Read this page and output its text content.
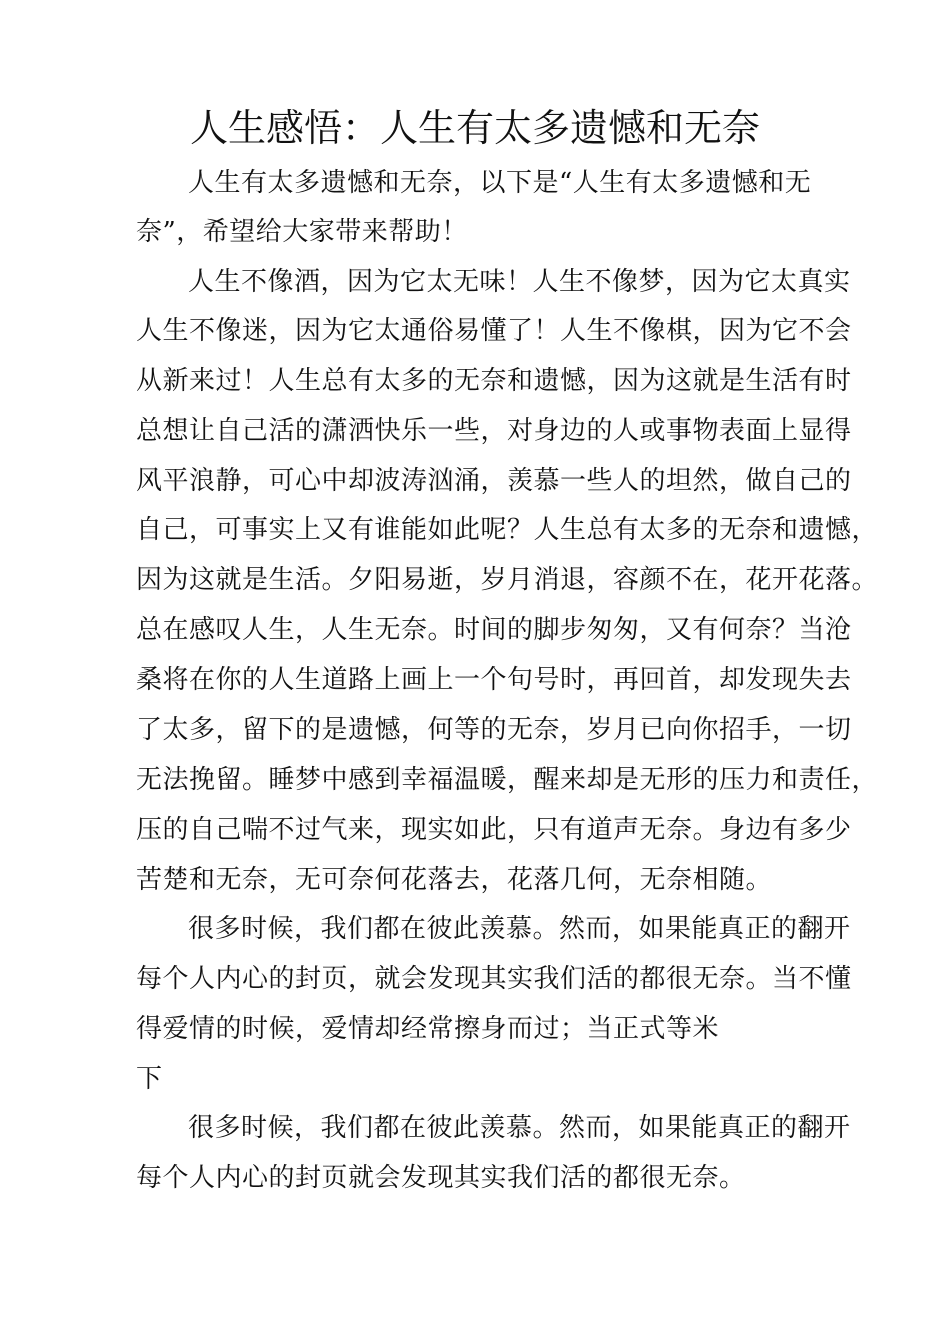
人生感悟：人生有太多遗憾和无奈
人生有太多遗憾和无奈，以下是“人生有太多遗憾和无
奈”，希望给大家带来帮助！
人生不像酒，因为它太无味！人生不像梦，因为它太真实
人生不像迷，因为它太通俗易懂了！人生不像棋，因为它不会
从新来过！人生总有太多的无奈和遗憾，因为这就是生活有时
总想让自己活的潇洒快乐一些，对身边的人或事物表面上显得
风平浪静，可心中却波涛汹涌，羡慕一些人的坦然，做自己的
自己，可事实上又有谁能如此呢？人生总有太多的无奈和遗憾，
因为这就是生活。夕阳易逝，岁月消退，容颜不在，花开花落。
总在感叹人生，人生无奈。时间的脚步匆匆，又有何奈？当沧
桑将在你的人生道路上画上一个句号时，再回首，却发现失去
了太多，留下的是遗憾，何等的无奈，岁月已向你招手，一切
无法挽留。睡梦中感到幸福温暖，醒来却是无形的压力和责任，
压的自己喘不过气来，现实如此，只有道声无奈。身边有多少
苦楚和无奈，无可奈何花落去，花落几何，无奈相随。
很多时候，我们都在彼此羡慕。然而，如果能真正的翻开
每个人内心的封页，就会发现其实我们活的都很无奈。当不懂
得爱情的时候，爱情却经常擦身而过；当正式等米
下
很多时候，我们都在彼此羡慕。然而，如果能真正的翻开
每个人内心的封页就会发现其实我们活的都很无奈。
